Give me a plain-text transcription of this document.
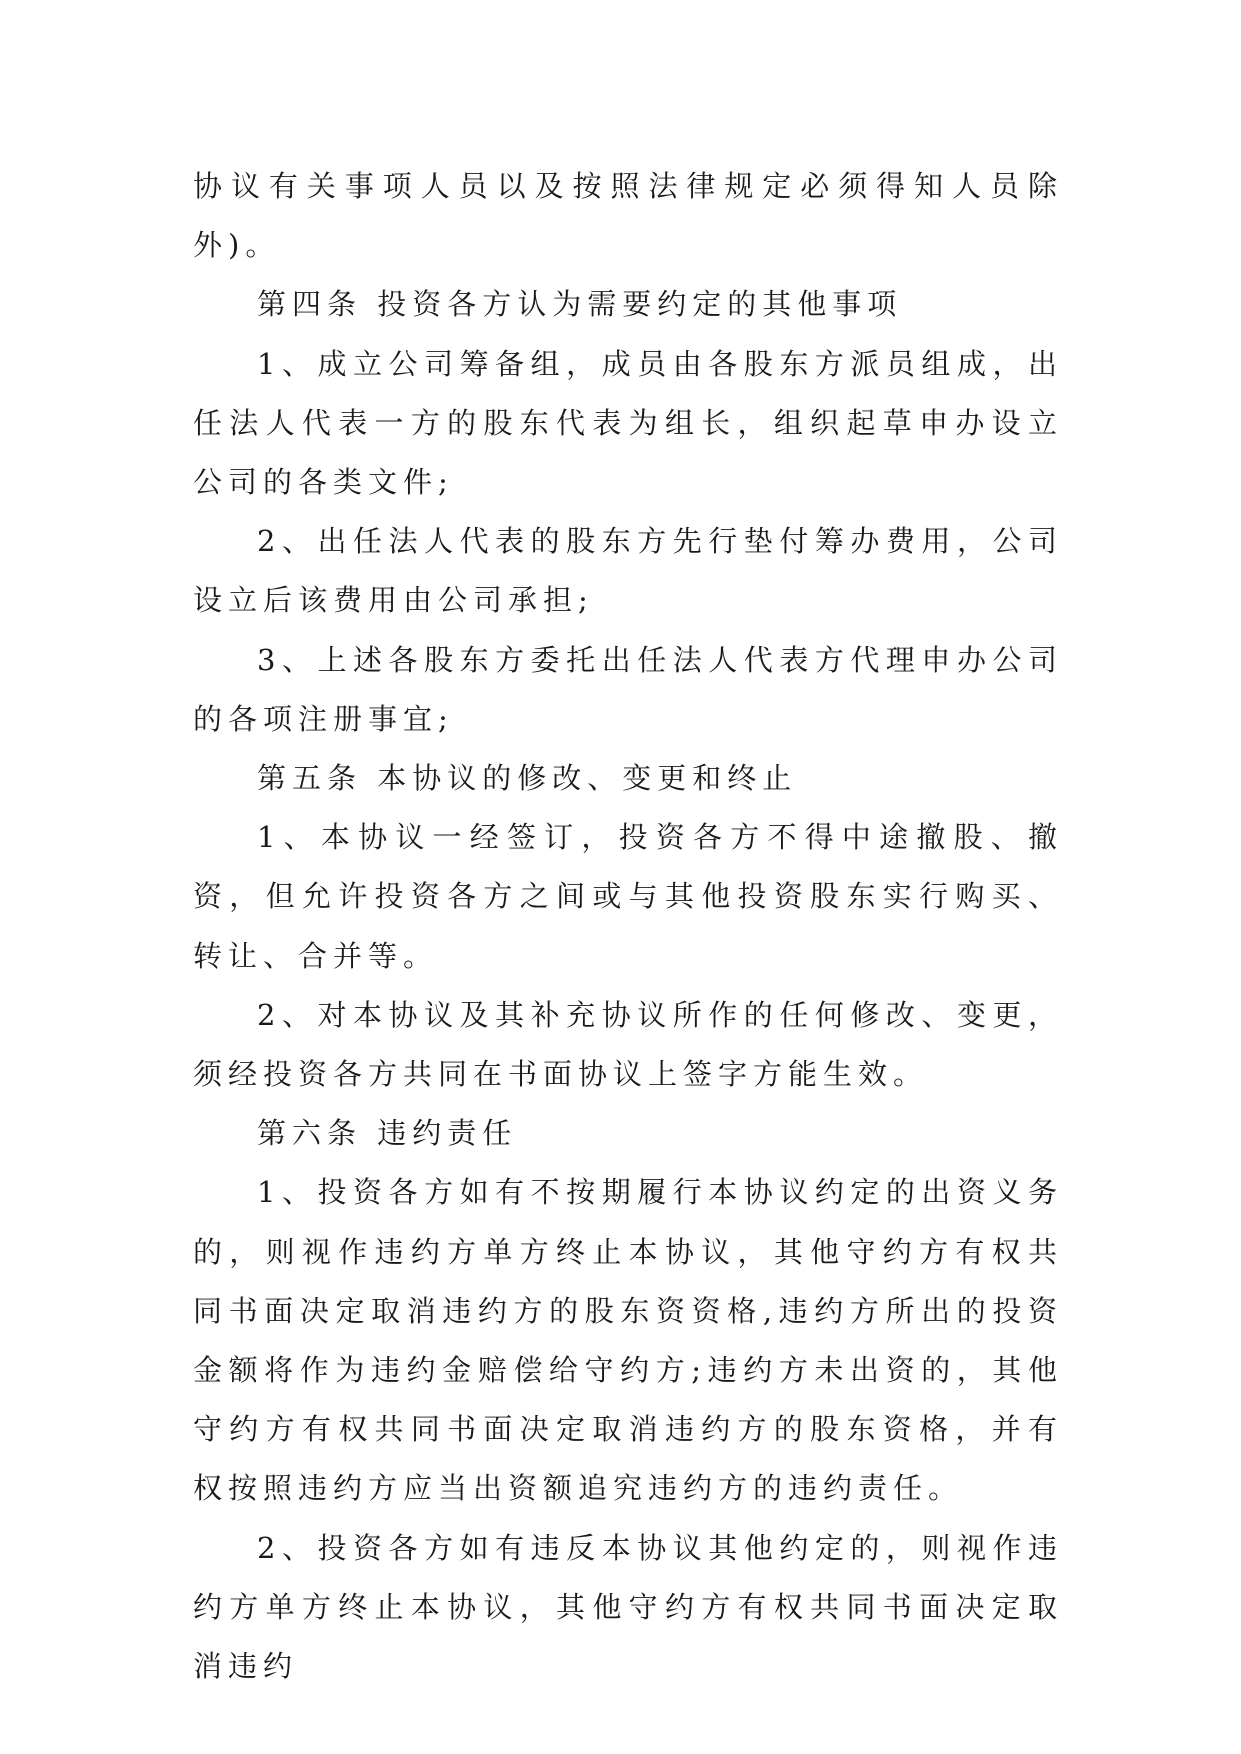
协议有关事项人员以及按照法律规定必须得知人员除外)。

第四条 投资各方认为需要约定的其他事项

1、成立公司筹备组，成员由各股东方派员组成，出任法人代表一方的股东代表为组长，组织起草申办设立公司的各类文件;

2、出任法人代表的股东方先行垫付筹办费用，公司设立后该费用由公司承担;

3、上述各股东方委托出任法人代表方代理申办公司的各项注册事宜;

第五条 本协议的修改、变更和终止

1、本协议一经签订，投资各方不得中途撤股、撤资，但允许投资各方之间或与其他投资股东实行购买、转让、合并等。

2、对本协议及其补充协议所作的任何修改、变更，须经投资各方共同在书面协议上签字方能生效。

第六条 违约责任

1、投资各方如有不按期履行本协议约定的出资义务的，则视作违约方单方终止本协议，其他守约方有权共同书面决定取消违约方的股东资资格,违约方所出的投资金额将作为违约金赔偿给守约方;违约方未出资的，其他守约方有权共同书面决定取消违约方的股东资格，并有权按照违约方应当出资额追究违约方的违约责任。

2、投资各方如有违反本协议其他约定的，则视作违约方单方终止本协议，其他守约方有权共同书面决定取消违约
